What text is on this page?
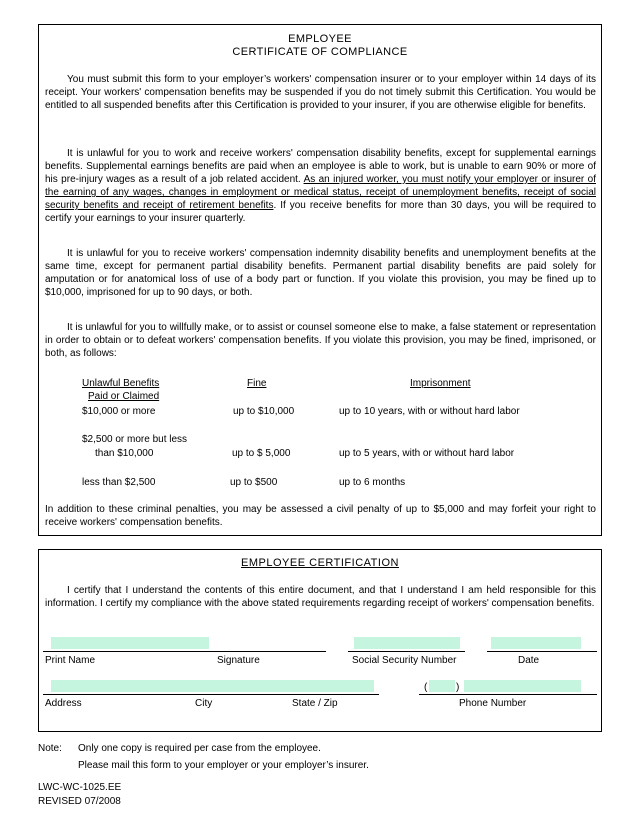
EMPLOYEE
CERTIFICATE OF COMPLIANCE
You must submit this form to your employer’s workers' compensation insurer or to your employer within 14 days of its receipt. Your workers' compensation benefits may be suspended if you do not timely submit this Certification. You would be entitled to all suspended benefits after this Certification is provided to your insurer, if you are otherwise eligible for benefits.
It is unlawful for you to work and receive workers' compensation disability benefits, except for supplemental earnings benefits. Supplemental earnings benefits are paid when an employee is able to work, but is unable to earn 90% or more of his pre-injury wages as a result of a job related accident. As an injured worker, you must notify your employer or insurer of the earning of any wages, changes in employment or medical status, receipt of unemployment benefits, receipt of social security benefits and receipt of retirement benefits. If you receive benefits for more than 30 days, you will be required to certify your earnings to your insurer quarterly.
It is unlawful for you to receive workers' compensation indemnity disability benefits and unemployment benefits at the same time, except for permanent partial disability benefits. Permanent partial disability benefits are paid solely for amputation or for anatomical loss of use of a body part or function. If you violate this provision, you may be fined up to $10,000, imprisoned for up to 90 days, or both.
It is unlawful for you to willfully make, or to assist or counsel someone else to make, a false statement or representation in order to obtain or to defeat workers' compensation benefits. If you violate this provision, you may be fined, imprisoned, or both, as follows:
Unlawful Benefits
Paid or Claimed
Fine	Imprisonment
$10,000 or more	up to $10,000	up to 10 years, with or without hard labor
$2,500 or more but less
than $10,000	up to $ 5,000	up to 5 years, with or without hard labor
less than $2,500	up to $500	up to 6 months
In addition to these criminal penalties, you may be assessed a civil penalty of up to $5,000 and may forfeit your right to receive workers' compensation benefits.
EMPLOYEE CERTIFICATION
I certify that I understand the contents of this entire document, and that I understand I am held responsible for this information. I certify my compliance with the above stated requirements regarding receipt of workers' compensation benefits.
Print Name	Signature	Social Security Number	Date
(	)
Address	City	State / Zip	Phone Number
Note: Only one copy is required per case from the employee.
Please mail this form to your employer or your employer’s insurer.
LWC-WC-1025.EE
REVISED 07/2008
